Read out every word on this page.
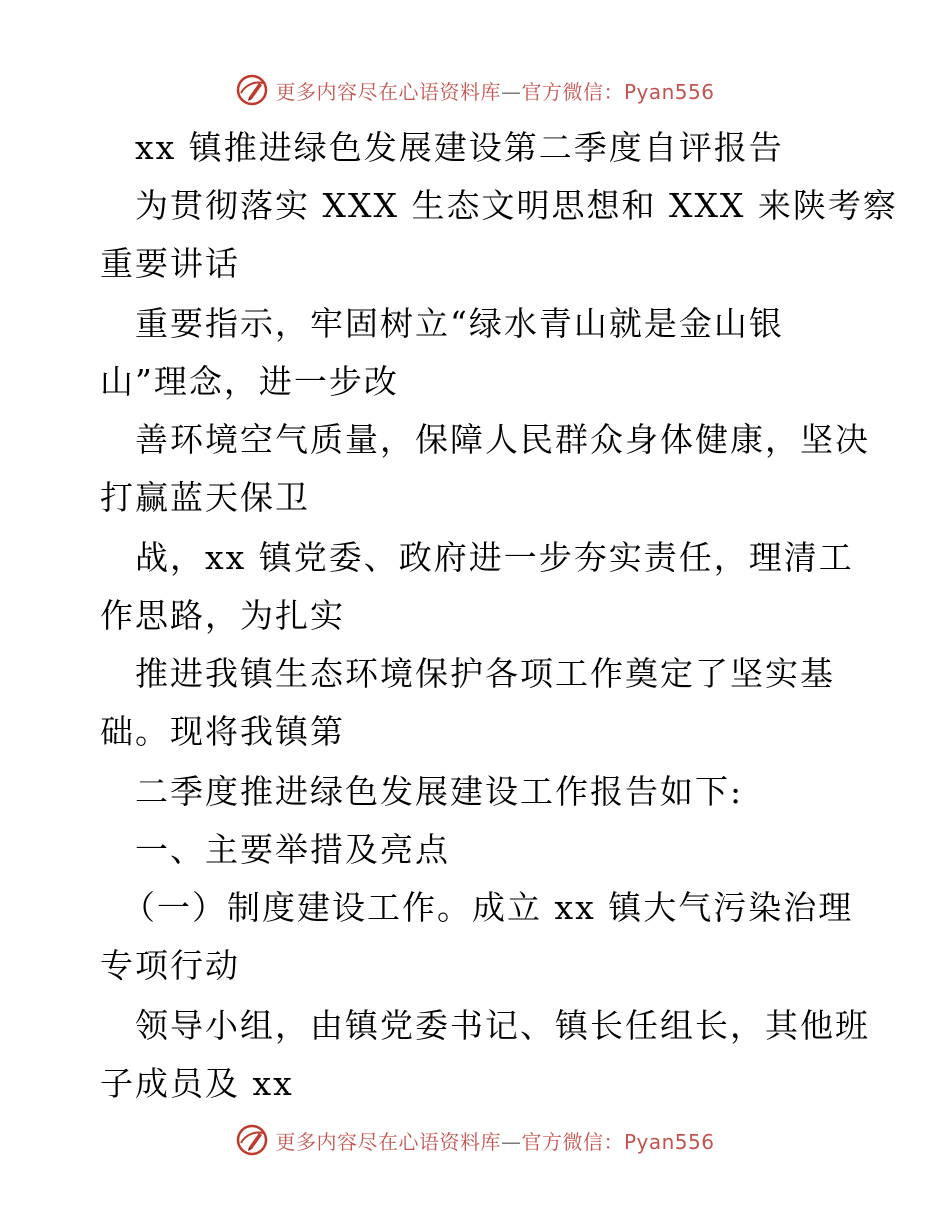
更多内容尽在心语资料库—官方微信：Pyan556
xx 镇推进绿色发展建设第二季度自评报告
为贯彻落实 XXX 生态文明思想和 XXX 来陕考察
重要讲话
重要指示，牢固树立“绿水青山就是金山银
山”理念，进一步改
善环境空气质量，保障人民群众身体健康，坚决
打赢蓝天保卫
战，xx 镇党委、政府进一步夯实责任，理清工
作思路，为扎实
推进我镇生态环境保护各项工作奠定了坚实基
础。现将我镇第
二季度推进绿色发展建设工作报告如下:
一、主要举措及亮点
（一）制度建设工作。成立 xx 镇大气污染治理
专项行动
领导小组，由镇党委书记、镇长任组长，其他班
子成员及 xx
更多内容尽在心语资料库—官方微信：Pyan556
